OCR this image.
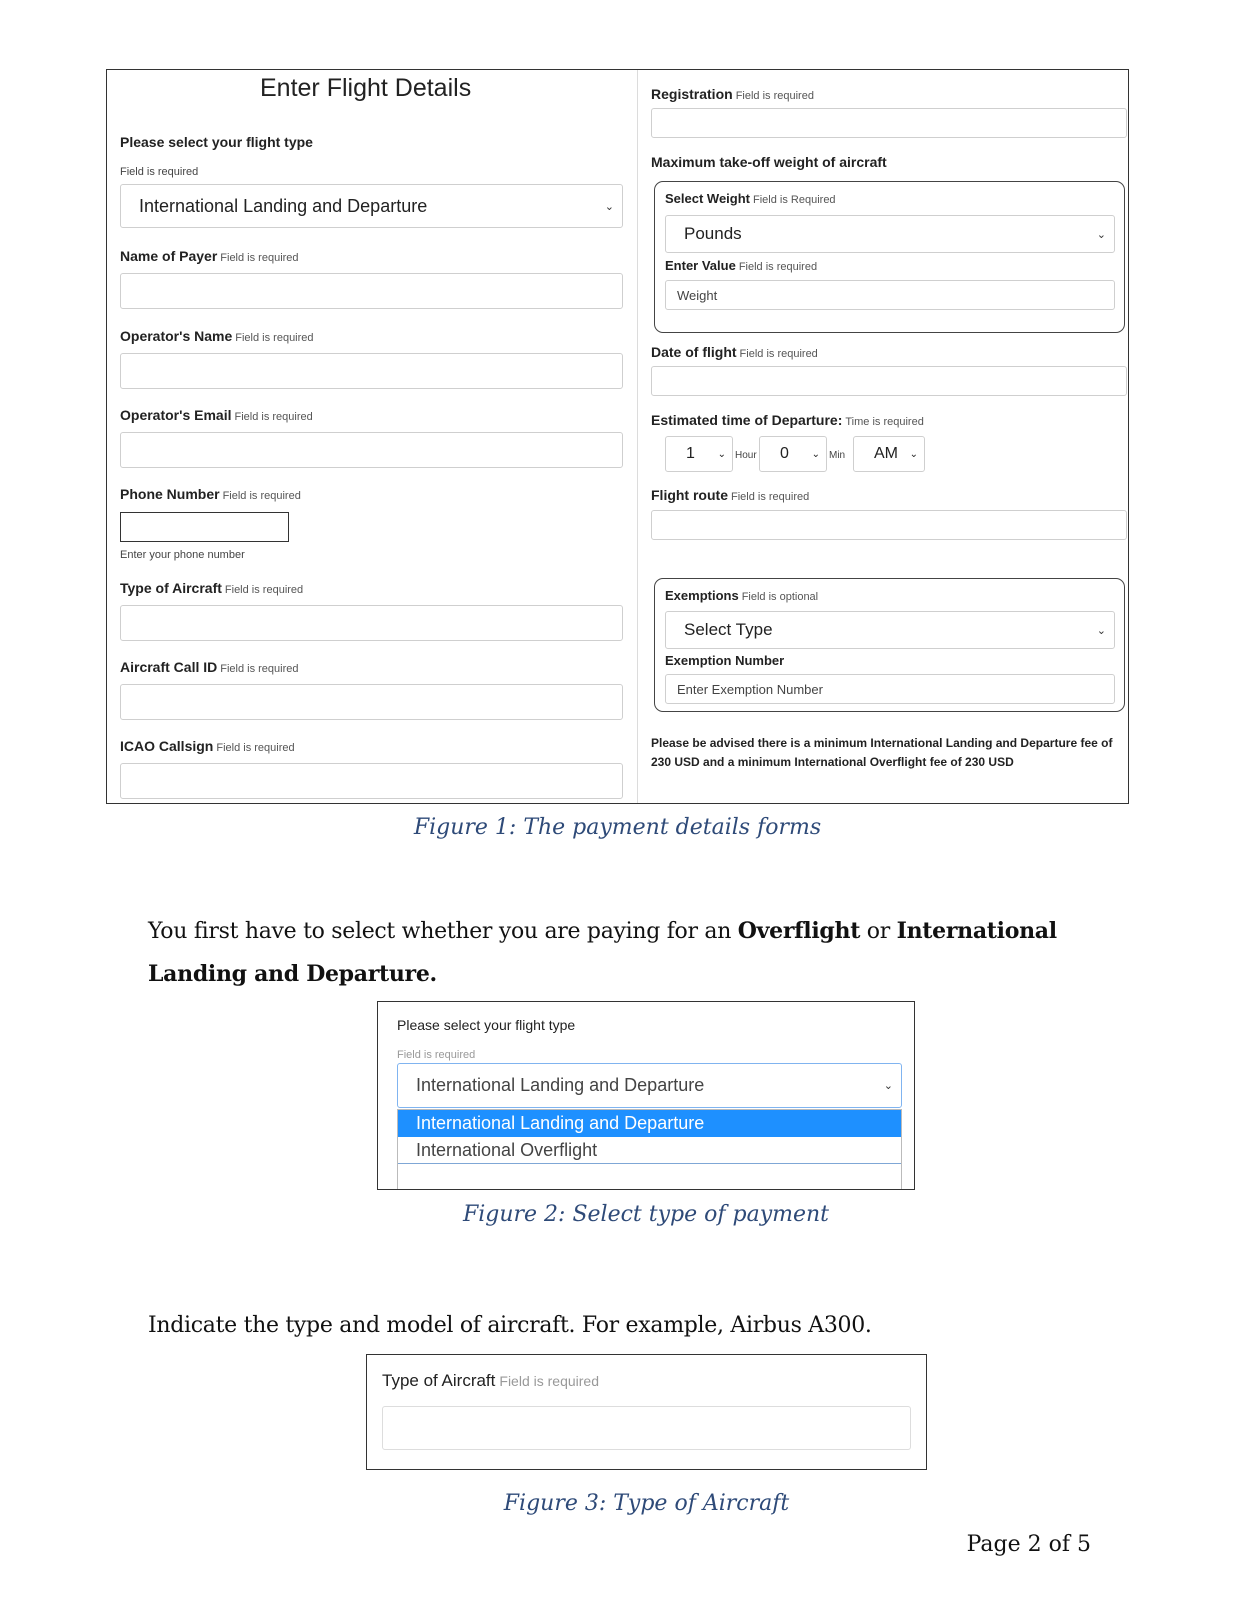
Enter Flight Details
Please select your flight type
Field is required
International Landing and Departure	⌄
Name of Payer Field is required
Operator's Name Field is required
Operator's Email Field is required
Phone Number Field is required
Enter your phone number
Type of Aircraft Field is required
Aircraft Call ID Field is required
ICAO Callsign Field is required
Registration Field is required
Maximum take-off weight of aircraft
Select Weight Field is Required
Pounds	⌄
Enter Value Field is required
Weight
Date of flight Field is required
Estimated time of Departure: Time is required
1 ⌄ Hour 0 ⌄ Min AM ⌄
Flight route Field is required
Exemptions Field is optional
Select Type	⌄
Exemption Number
Enter Exemption Number
Please be advised there is a minimum International Landing and Departure fee of 230 USD and a minimum International Overflight fee of 230 USD
Figure 1: The payment details forms
You first have to select whether you are paying for an Overflight or International Landing and Departure.
Please select your flight type
Field is required
International Landing and Departure	⌄
International Landing and Departure
International Overflight
Figure 2: Select type of payment
Indicate the type and model of aircraft. For example, Airbus A300.
Type of Aircraft Field is required
Figure 3: Type of Aircraft
Page 2 of 5
